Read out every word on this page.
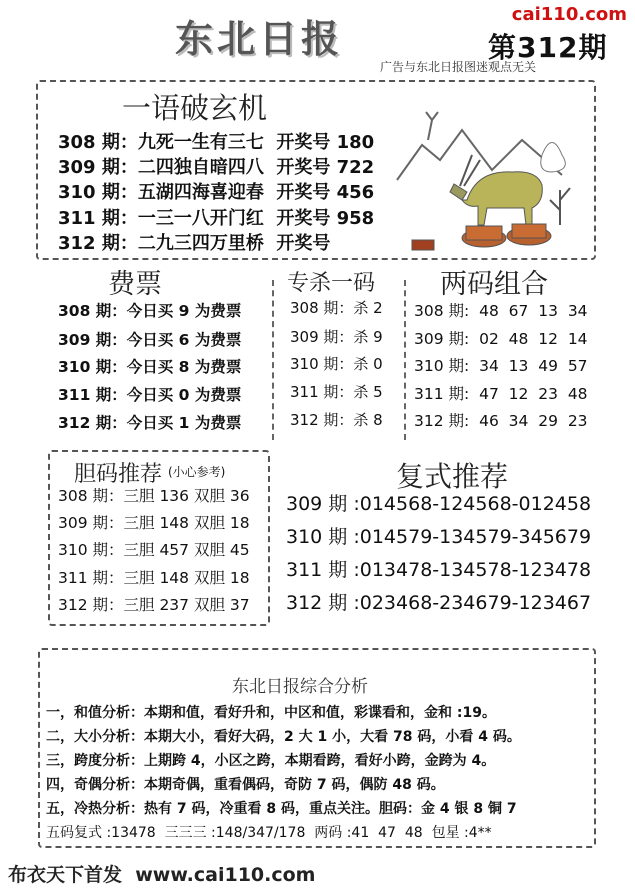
东北日报
cai110.com
第312期
广告与东北日报图迷观点无关
一语破玄机
308 期：九死一生有三七  开奖号 180
309 期：二四独自暗四八  开奖号 722
310 期：五湖四海喜迎春  开奖号 456
311 期：一三一八开门红  开奖号 958
312 期：二九三四万里桥  开奖号
费票	专杀一码 两码组合
308 期：今日买 9 为费票
309 期：今日买 6 为费票
310 期：今日买 8 为费票
311 期：今日买 0 为费票
312 期：今日买 1 为费票
308 期：杀 2
309 期：杀 9
310 期：杀 0
311 期：杀 5
312 期：杀 8
308 期:  48  67  13  34
309 期:  02  48  12  14
310 期:  34  13  49  57
311 期:  47  12  23  48
312 期:  46  34  29  23
胆码推荐 (小心参考)
308 期：三胆 136 双胆 36
309 期：三胆 148 双胆 18
310 期：三胆 457 双胆 45
311 期：三胆 148 双胆 18
312 期：三胆 237 双胆 37
复式推荐
309 期 :014568-124568-012458
310 期 :014579-134579-345679
311 期 :013478-134578-123478
312 期 :023468-234679-123467
东北日报综合分析
一，和值分析：本期和值，看好升和，中区和值，彩谍看和，金和 :19。
二，大小分析：本期大小，看好大码，2 大 1 小，大看 78 码，小看 4 码。
三，跨度分析：上期跨 4，小区之跨，本期看跨，看好小跨，金跨为 4。
四，奇偶分析：本期奇偶，重看偶码，奇防 7 码，偶防 48 码。
五，冷热分析：热有 7 码，冷重看 8 码，重点关注。胆码：金 4 银 8 铜 7
五码复式 :13478  三三三 :148/347/178  两码 :41  47  48  包星 :4**
布衣天下首发  www.cai110.com
